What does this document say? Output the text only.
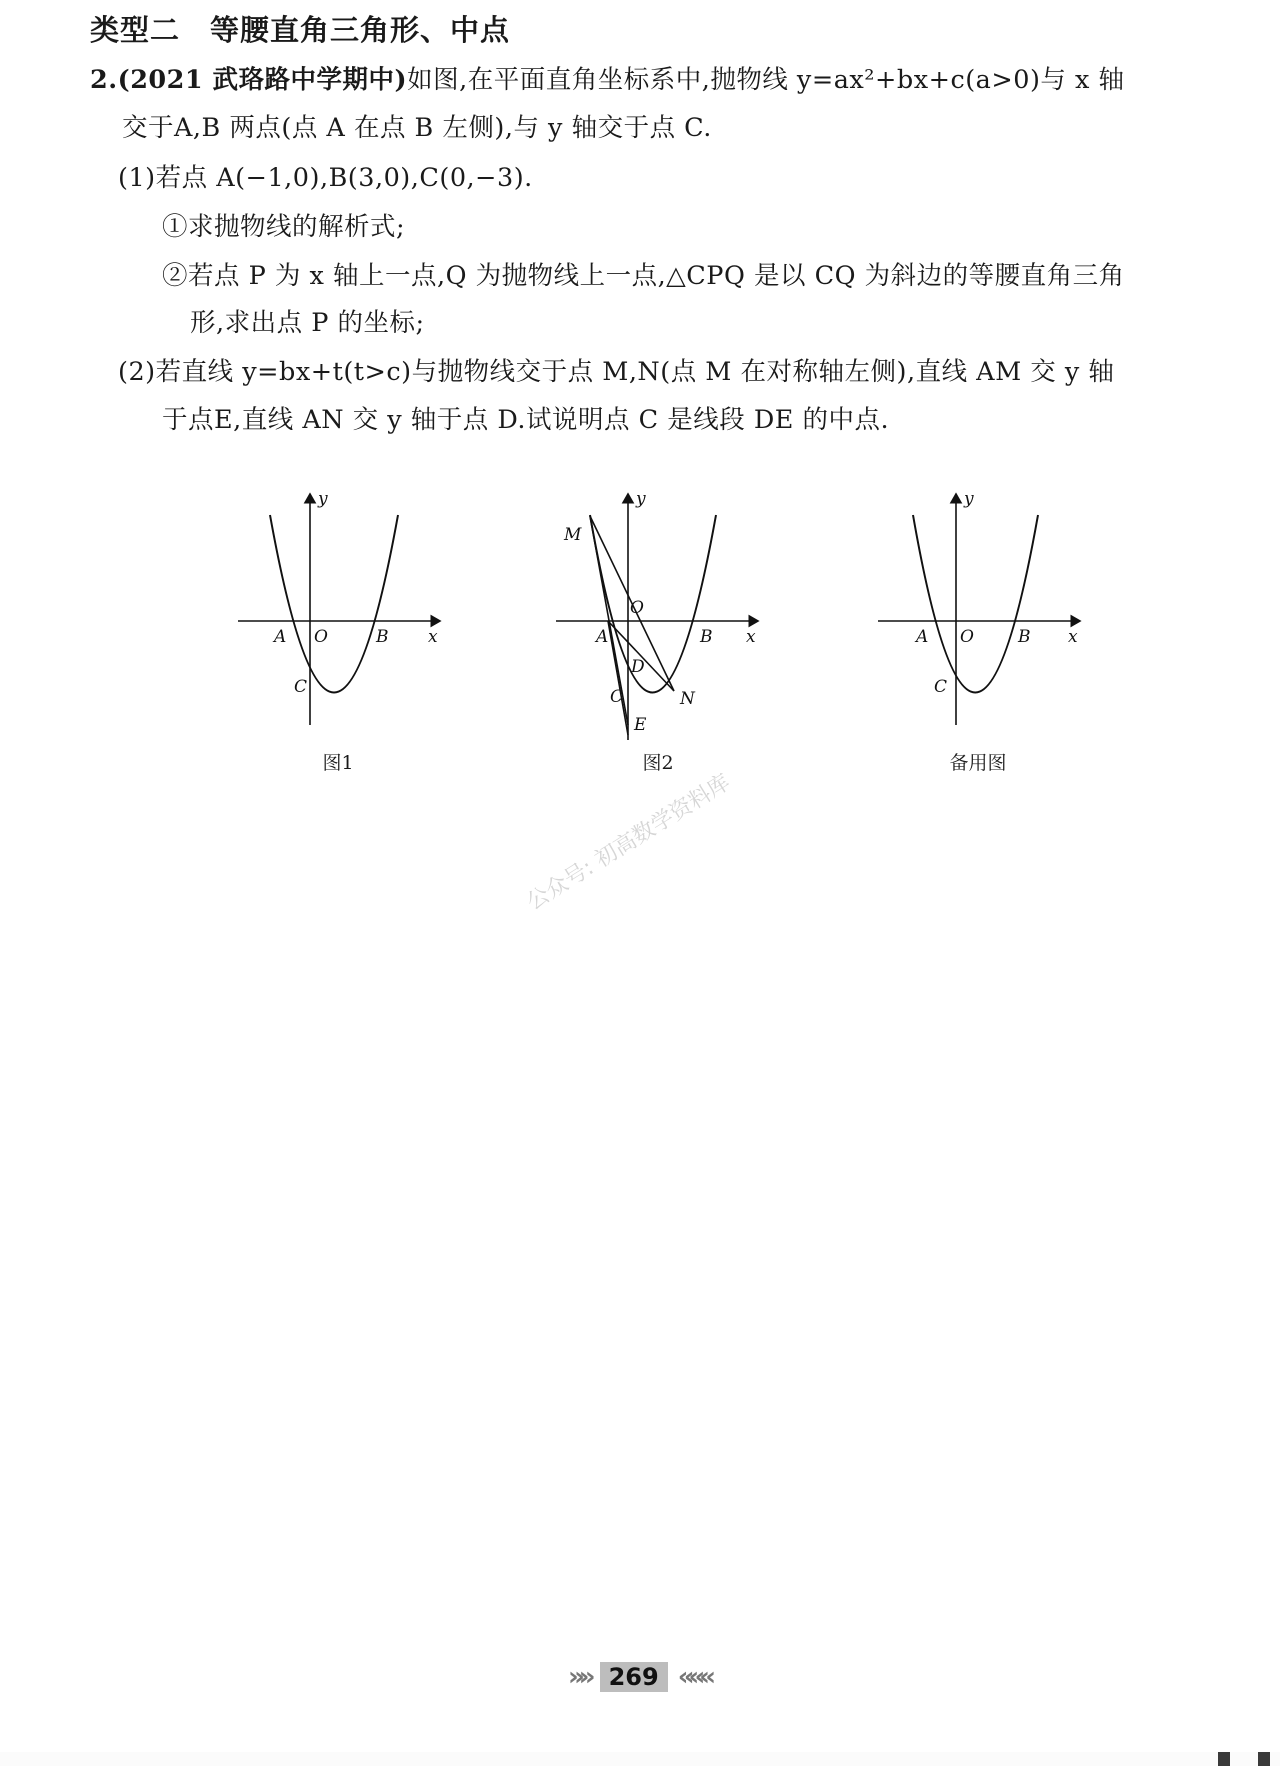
类型二　等腰直角三角形、中点
2.(2021 武珞路中学期中)如图,在平面直角坐标系中,抛物线 y=ax²+bx+c(a>0)与 x 轴
交于A,B 两点(点 A 在点 B 左侧),与 y 轴交于点 C.
(1)若点 A(−1,0),B(3,0),C(0,−3).
①求抛物线的解析式;
②若点 P 为 x 轴上一点,Q 为抛物线上一点,△CPQ 是以 CQ 为斜边的等腰直角三角
形,求出点 P 的坐标;
(2)若直线 y=bx+t(t>c)与抛物线交于点 M,N(点 M 在对称轴左侧),直线 AM 交 y 轴
于点E,直线 AN 交 y 轴于点 D.试说明点 C 是线段 DE 的中点.
y
x
A O	B
C
图1
y
x
M
O
A	B
D
C	N
E
图2
y
x
A O	B
C
备用图
公众号: 初高数学资料库
»» 269 «««
